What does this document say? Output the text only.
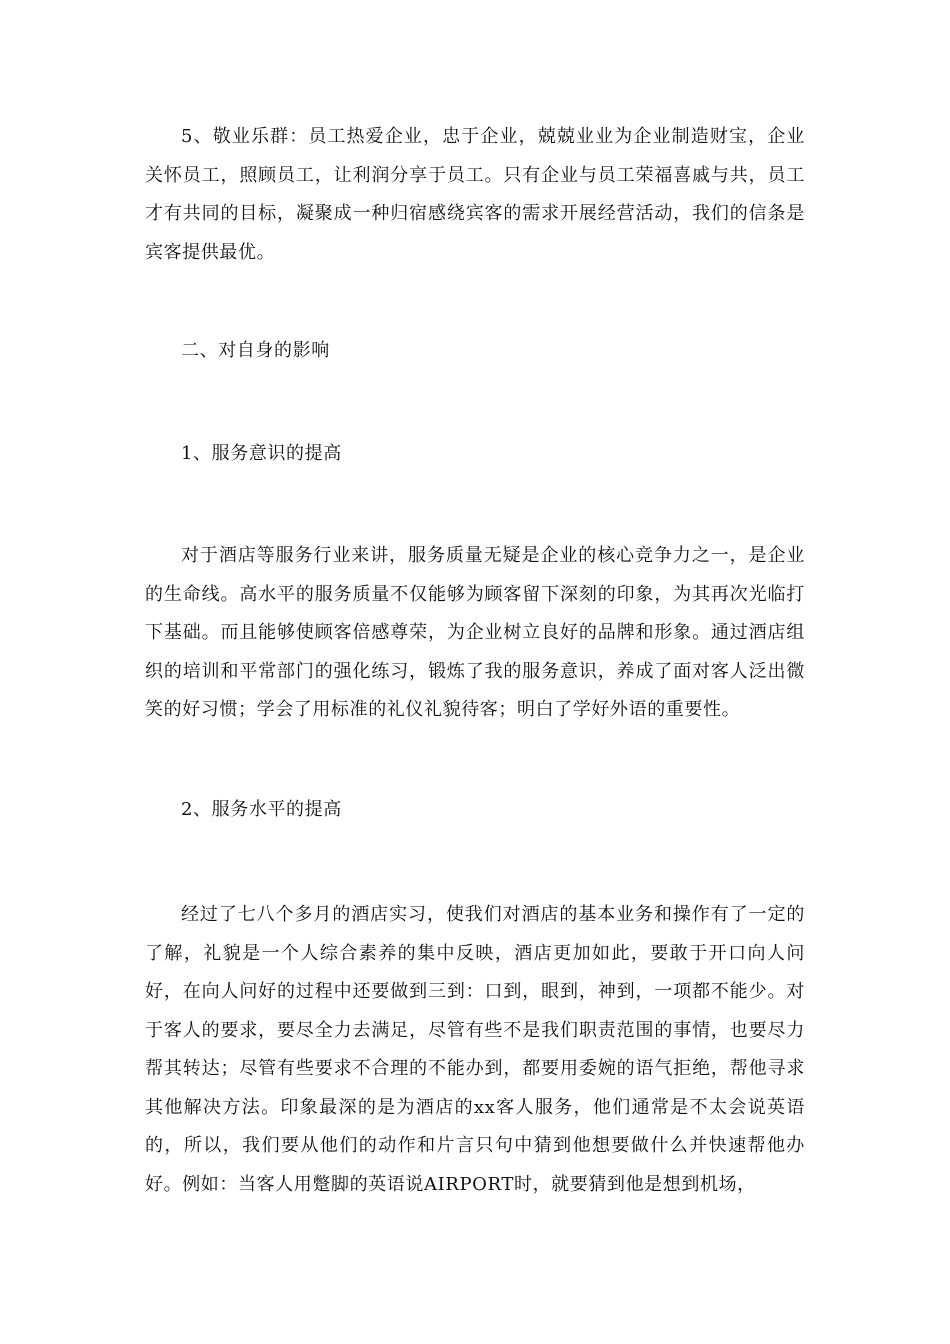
5、敬业乐群：员工热爱企业，忠于企业，兢兢业业为企业制造财宝，企业关怀员工，照顾员工，让利润分享于员工。只有企业与员工荣福喜戚与共，员工才有共同的目标，凝聚成一种归宿感绕宾客的需求开展经营活动，我们的信条是 宾客提供最优。

二、对自身的影响

1、服务意识的提高

对于酒店等服务行业来讲，服务质量无疑是企业的核心竞争力之一，是企业的生命线。高水平的服务质量不仅能够为顾客留下深刻的印象，为其再次光临打下基础。而且能够使顾客倍感尊荣，为企业树立良好的品牌和形象。通过酒店组织的培训和平常部门的强化练习，锻炼了我的服务意识，养成了面对客人泛出微笑的好习惯；学会了用标准的礼仪礼貌待客；明白了学好外语的重要性。

2、服务水平的提高

经过了七八个多月的酒店实习，使我们对酒店的基本业务和操作有了一定的了解，礼貌是一个人综合素养的集中反映，酒店更加如此，要敢于开口向人问好，在向人问好的过程中还要做到三到：口到，眼到，神到，一项都不能少。对于客人的要求，要尽全力去满足，尽管有些不是我们职责范围的事情，也要尽力帮其转达；尽管有些要求不合理的不能办到，都要用委婉的语气拒绝，帮他寻求其他解决方法。印象最深的是为酒店的xx客人服务，他们通常是不太会说英语的，所以，我们要从他们的动作和片言只句中猜到他想要做什么并快速帮他办好。例如：当客人用蹩脚的英语说AIRPORT时，就要猜到他是想到机场，
